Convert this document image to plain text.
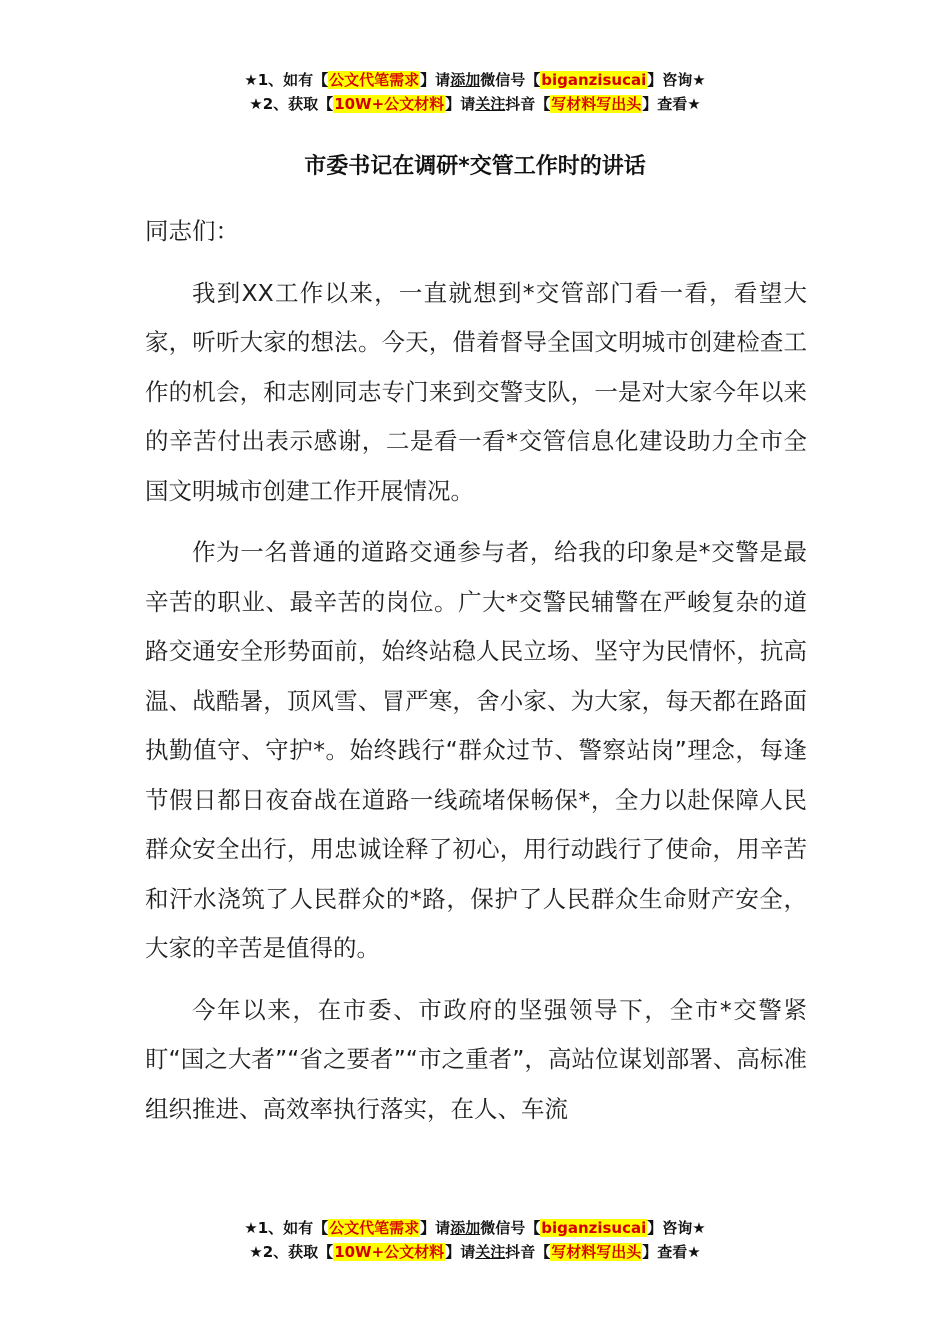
★1、如有【公文代笔需求】请添加微信号【biganzisucai】咨询★
★2、获取【10W+公文材料】请关注抖音【写材料写出头】查看★
市委书记在调研*交管工作时的讲话

同志们：

我到XX工作以来，一直就想到*交管部门看一看，看望大家，听听大家的想法。今天，借着督导全国文明城市创建检查工作的机会，和志刚同志专门来到交警支队，一是对大家今年以来的辛苦付出表示感谢，二是看一看*交管信息化建设助力全市全国文明城市创建工作开展情况。

作为一名普通的道路交通参与者，给我的印象是*交警是最辛苦的职业、最辛苦的岗位。广大*交警民辅警在严峻复杂的道路交通安全形势面前，始终站稳人民立场、坚守为民情怀，抗高温、战酷暑，顶风雪、冒严寒，舍小家、为大家，每天都在路面执勤值守、守护*。始终践行“群众过节、警察站岗”理念，每逢节假日都日夜奋战在道路一线疏堵保畅保*，全力以赴保障人民群众安全出行，用忠诚诠释了初心，用行动践行了使命，用辛苦和汗水浇筑了人民群众的*路，保护了人民群众生命财产安全，大家的辛苦是值得的。

今年以来，在市委、市政府的坚强领导下，全市*交警紧盯“国之大者”“省之要者”“市之重者”，高站位谋划部署、高标准组织推进、高效率执行落实，在人、车流

★1、如有【公文代笔需求】请添加微信号【biganzisucai】咨询★
★2、获取【10W+公文材料】请关注抖音【写材料写出头】查看★
